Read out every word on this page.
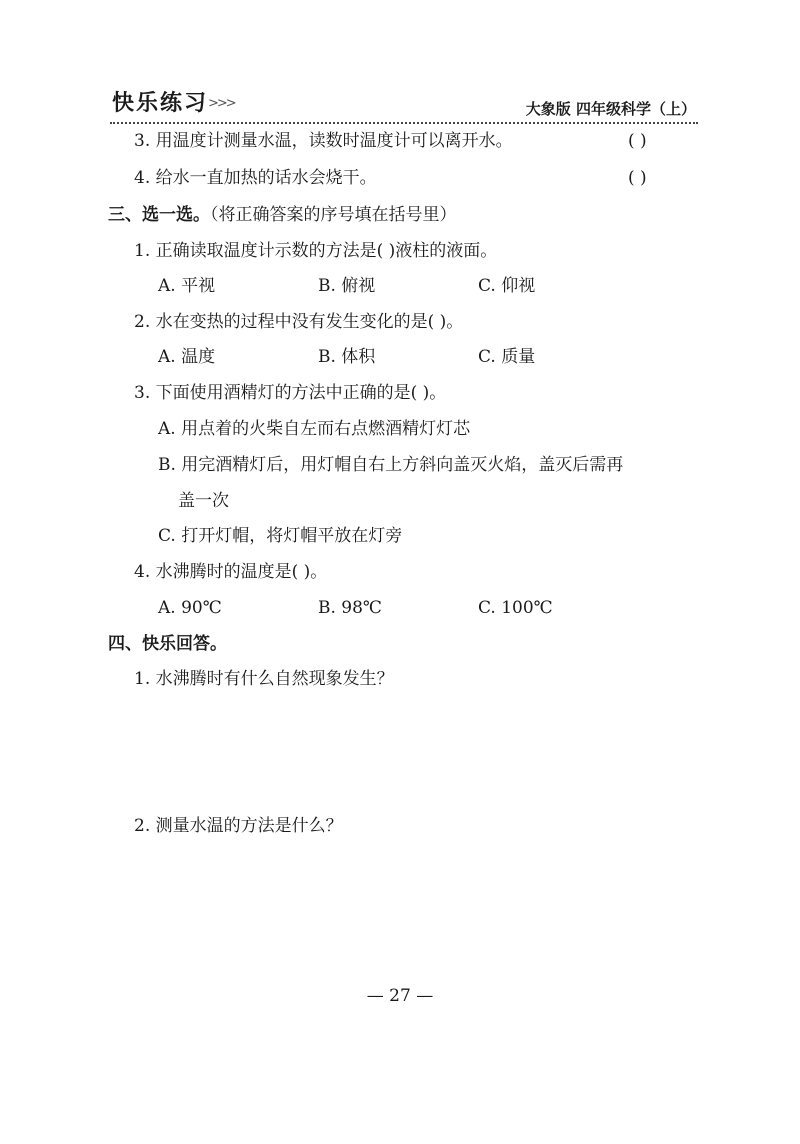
快乐练习 >>>	大象版 四年级科学（上）
3. 用温度计测量水温，读数时温度计可以离开水。	( )
4. 给水一直加热的话水会烧干。	( )
三、选一选。（将正确答案的序号填在括号里）
1. 正确读取温度计示数的方法是( )液柱的液面。
A. 平视	B. 俯视	C. 仰视
2. 水在变热的过程中没有发生变化的是( )。
A. 温度	B. 体积	C. 质量
3. 下面使用酒精灯的方法中正确的是( )。
A. 用点着的火柴自左而右点燃酒精灯灯芯
B. 用完酒精灯后，用灯帽自右上方斜向盖灭火焰，盖灭后需再
盖一次
C. 打开灯帽，将灯帽平放在灯旁
4. 水沸腾时的温度是( )。
A. 90℃	B. 98℃	C. 100℃
四、快乐回答。
1. 水沸腾时有什么自然现象发生？
2. 测量水温的方法是什么？
— 27 —
